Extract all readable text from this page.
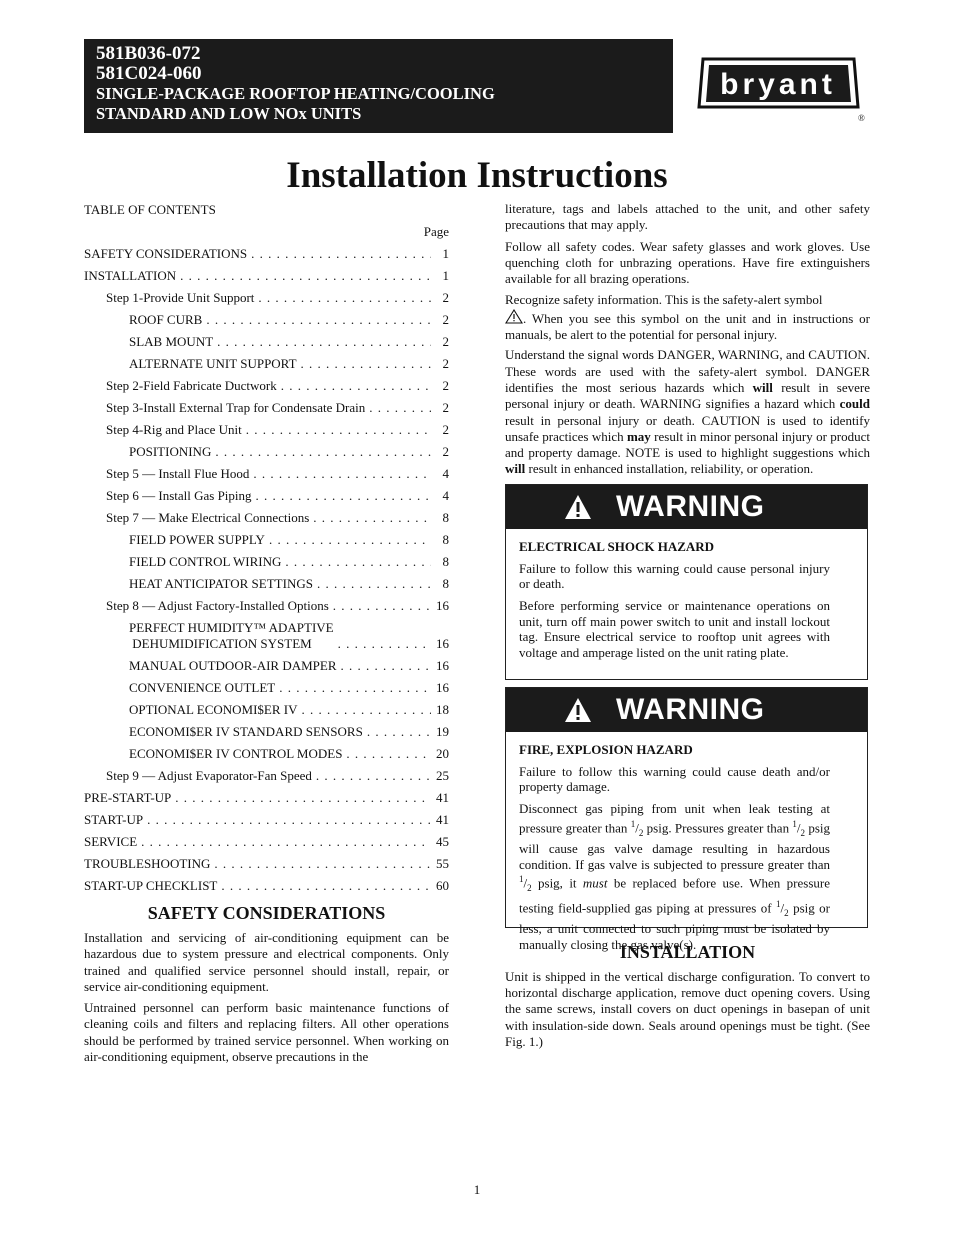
581B036-072
581C024-060
SINGLE-PACKAGE ROOFTOP HEATING/COOLING
STANDARD AND LOW NOx UNITS
bryant
®
Installation Instructions
TABLE OF CONTENTS
Page
SAFETY CONSIDERATIONS . . .	1
INSTALLATION . . .	1
Step 1-Provide Unit Support . . .	2
ROOF CURB . . .	2
SLAB MOUNT . . .	2
ALTERNATE UNIT SUPPORT . . .	2
Step 2-Field Fabricate Ductwork . . .	2
Step 3-Install External Trap for Condensate Drain . . .	2
Step 4-Rig and Place Unit . . .	2
POSITIONING . . .	2
Step 5 — Install Flue Hood . . .	4
Step 6 — Install Gas Piping . . .	4
Step 7 — Make Electrical Connections . . .	8
FIELD POWER SUPPLY . . .	8
FIELD CONTROL WIRING . . .	8
HEAT ANTICIPATOR SETTINGS . . .	8
Step 8 — Adjust Factory-Installed Options . . .	16
PERFECT HUMIDITY™ ADAPTIVE
DEHUMIDIFICATION SYSTEM . . .	16
MANUAL OUTDOOR-AIR DAMPER . . .	16
CONVENIENCE OUTLET . . .	16
OPTIONAL ECONOMI$ER IV . . .	18
ECONOMI$ER IV STANDARD SENSORS . . .	19
ECONOMI$ER IV CONTROL MODES . . .	20
Step 9 — Adjust Evaporator-Fan Speed . . .	25
PRE-START-UP . . .	41
START-UP . . .	41
SERVICE . . .	45
TROUBLESHOOTING . . .	55
START-UP CHECKLIST . . .	60
SAFETY CONSIDERATIONS

Installation and servicing of air-conditioning equipment can be hazardous due to system pressure and electrical components. Only trained and qualified service personnel should install, repair, or service air-conditioning equipment.

Untrained personnel can perform basic maintenance functions of cleaning coils and filters and replacing filters. All other operations should be performed by trained service personnel. When working on air-conditioning equipment, observe precautions in the

literature, tags and labels attached to the unit, and other safety precautions that may apply.

Follow all safety codes. Wear safety glasses and work gloves. Use quenching cloth for unbrazing operations. Have fire extinguishers available for all brazing operations.

Recognize safety information. This is the safety-alert symbol
. When you see this symbol on the unit and in instructions or manuals, be alert to the potential for personal injury.

Understand the signal words DANGER, WARNING, and CAUTION. These words are used with the safety-alert symbol. DANGER identifies the most serious hazards which will result in severe personal injury or death. WARNING signifies a hazard which could result in personal injury or death. CAUTION is used to identify unsafe practices which may result in minor personal injury or product and property damage. NOTE is used to highlight suggestions which will result in enhanced installation, reliability, or operation.

WARNING
ELECTRICAL SHOCK HAZARD

Failure to follow this warning could cause personal injury or death.

Before performing service or maintenance operations on unit, turn off main power switch to unit and install lockout tag. Ensure electrical service to rooftop unit agrees with voltage and amperage listed on the unit rating plate.

WARNING
FIRE, EXPLOSION HAZARD

Failure to follow this warning could cause death and/or property damage.

Disconnect gas piping from unit when leak testing at pressure greater than $^1/_2$ psig. Pressures greater than $^1/_2$ psig will cause gas valve damage resulting in hazardous condition. If gas valve is subjected to pressure greater than $^1/_2$ psig, it must be replaced before use. When pressure testing field-supplied gas piping at pressures of $^1/_2$ psig or less, a unit connected to such piping must be isolated by manually closing the gas valve(s).

INSTALLATION

Unit is shipped in the vertical discharge configuration. To convert to horizontal discharge application, remove duct opening covers. Using the same screws, install covers on duct openings in basepan of unit with insulation-side down. Seals around openings must be tight. (See Fig. 1.)

1
